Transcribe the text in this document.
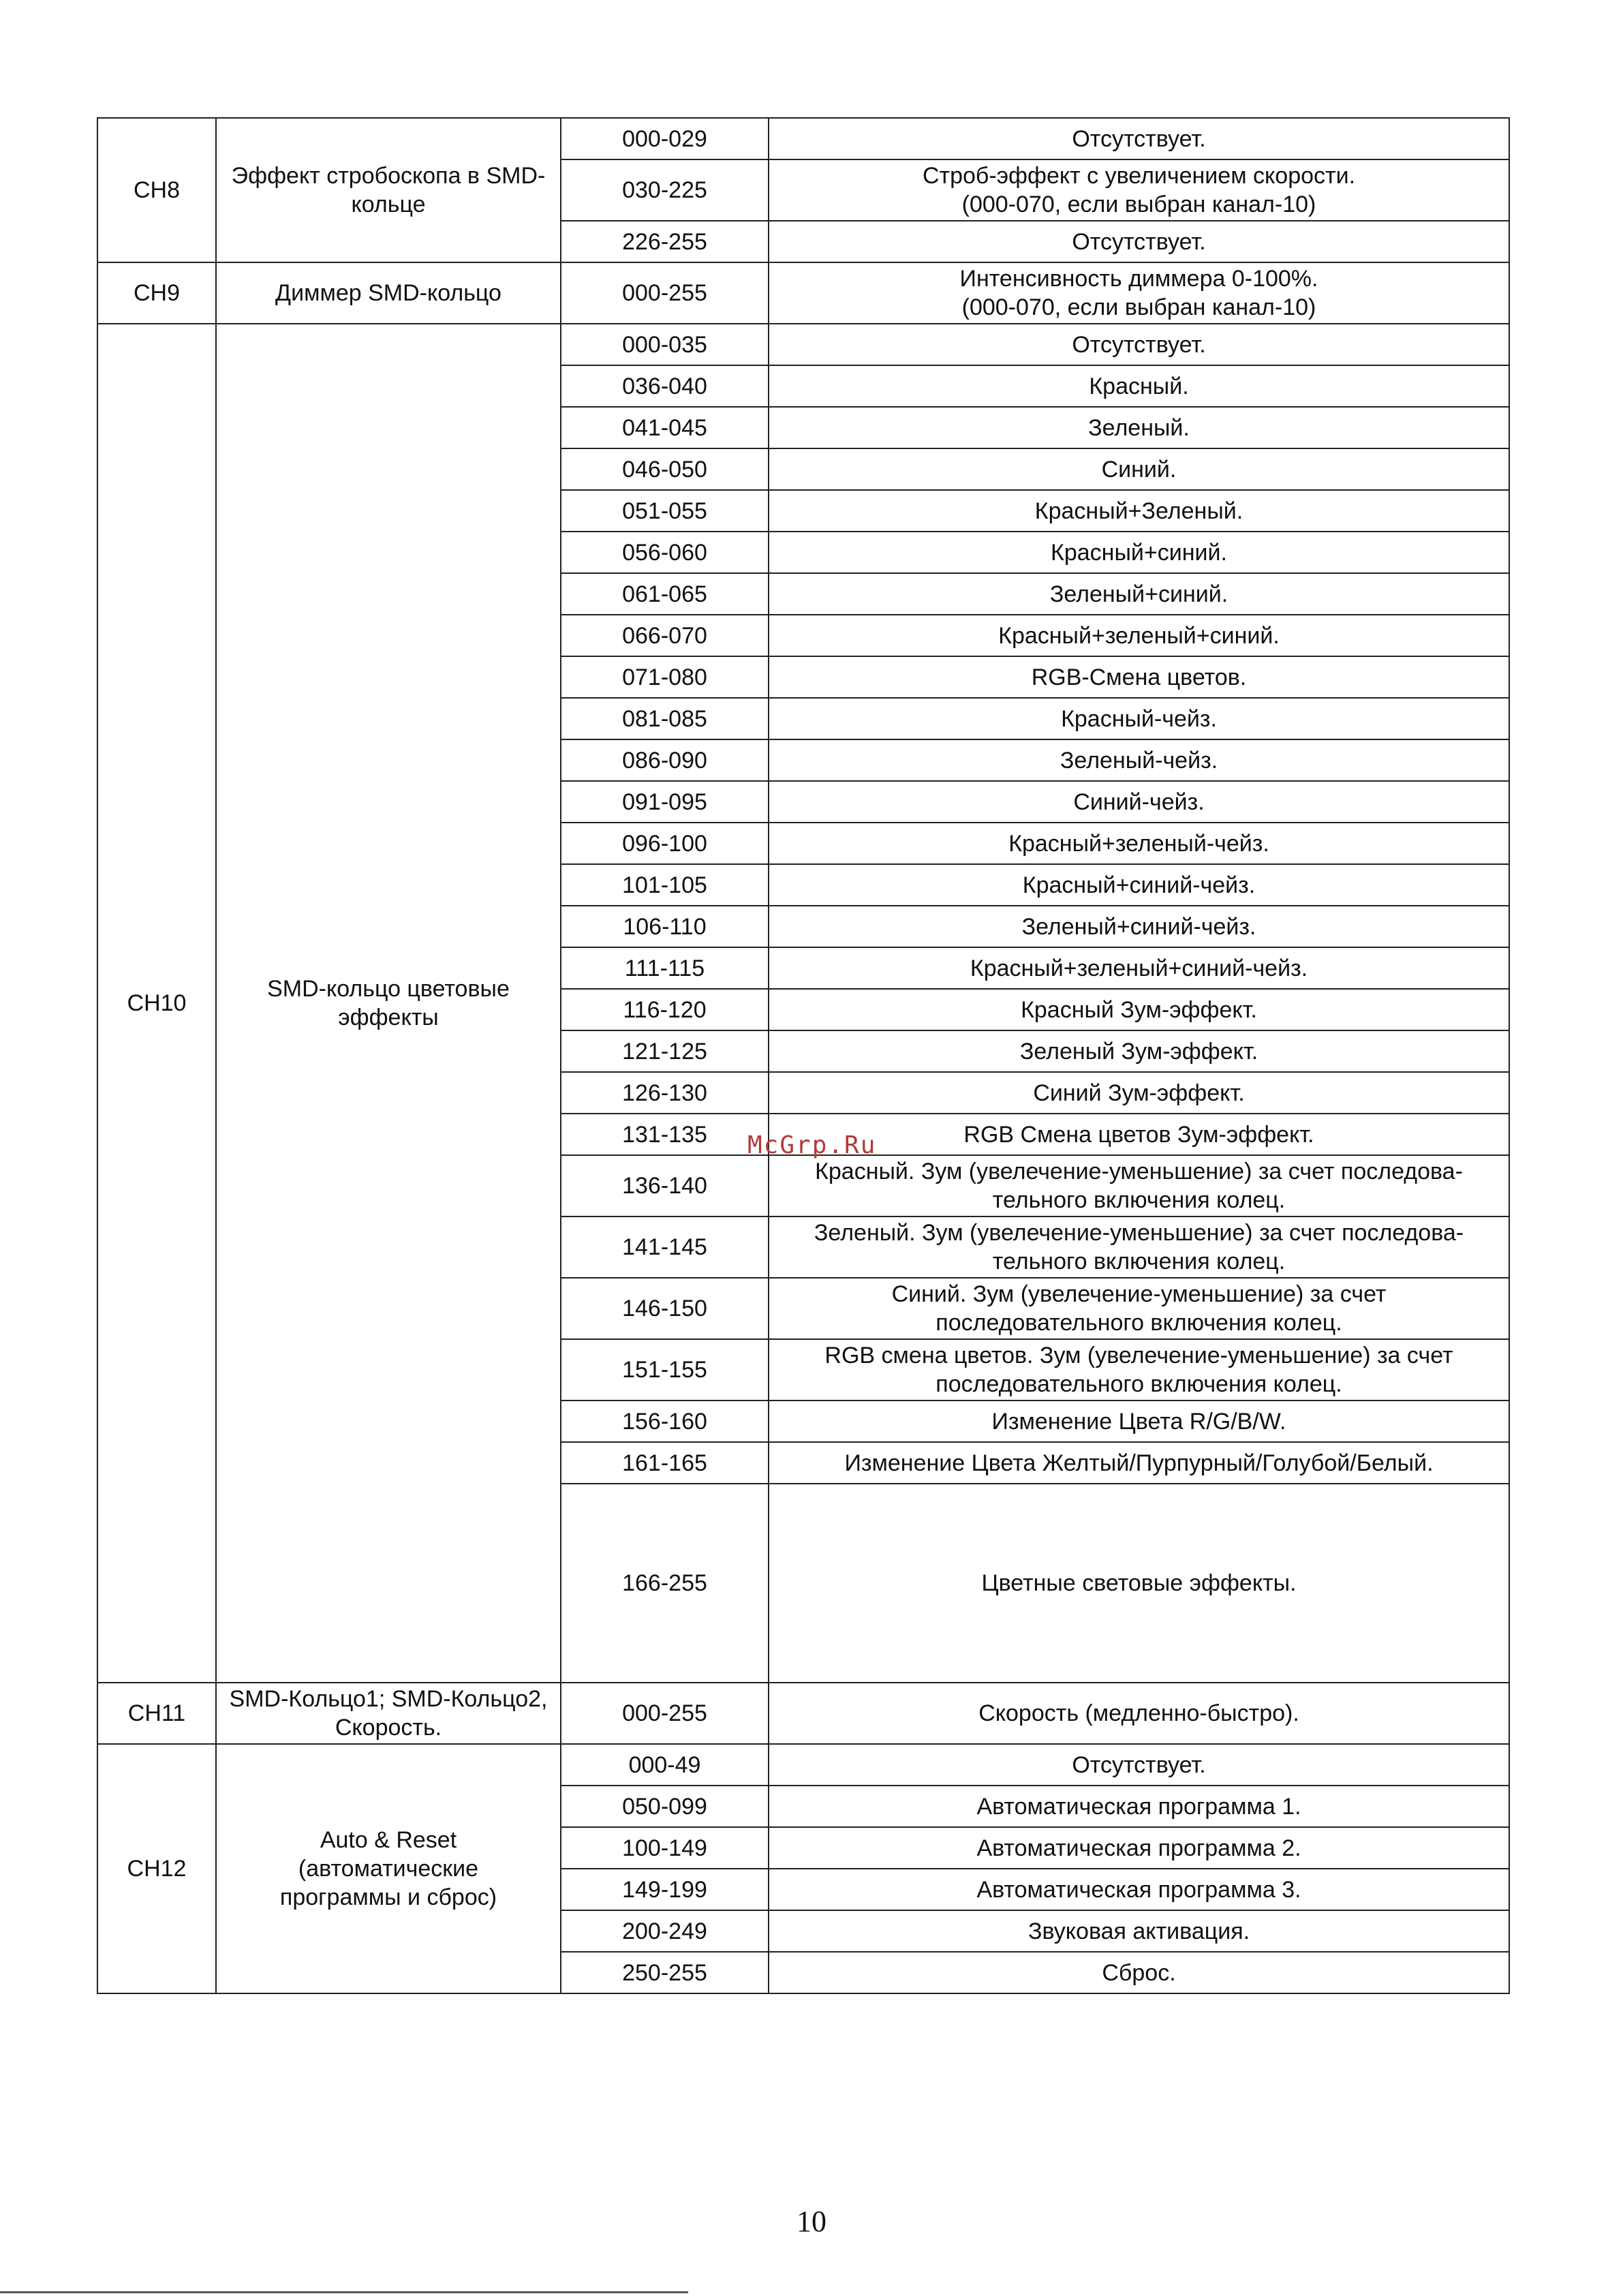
CH8	Эффект стробоскопа в SMD-кольце	000-029	Отсутствует.
		030-225	Строб-эффект с увеличением скорости.
(000-070, если выбран канал-10)
		226-255	Отсутствует.
CH9	Диммер SMD-кольцо	000-255	Интенсивность диммера 0-100%.
(000-070, если выбран канал-10)
CH10	SMD-кольцо цветовые эффекты	000-035	Отсутствует.
		036-040	Красный.
		041-045	Зеленый.
		046-050	Синий.
		051-055	Красный+Зеленый.
		056-060	Красный+синий.
		061-065	Зеленый+синий.
		066-070	Красный+зеленый+синий.
		071-080	RGB-Смена цветов.
		081-085	Красный-чейз.
		086-090	Зеленый-чейз.
		091-095	Синий-чейз.
		096-100	Красный+зеленый-чейз.
		101-105	Красный+синий-чейз.
		106-110	Зеленый+синий-чейз.
		111-115	Красный+зеленый+синий-чейз.
		116-120	Красный Зум-эффект.
		121-125	Зеленый Зум-эффект.
		126-130	Синий Зум-эффект.
		131-135	RGB Смена цветов Зум-эффект.
		136-140	Красный. Зум (увелечение-уменьшение) за счет последова-
тельного включения колец.
		141-145	Зеленый. Зум (увелечение-уменьшение) за счет последова-
тельного включения колец.
		146-150	Синий. Зум (увелечение-уменьшение) за счет
последовательного включения колец.
		151-155	RGB смена цветов. Зум (увелечение-уменьшение) за счет
последовательного включения колец.
		156-160	Изменение Цвета R/G/B/W.
		161-165	Изменение Цвета Желтый/Пурпурный/Голубой/Белый.
		166-255	Цветные световые эффекты.
CH11	SMD-Кольцо1; SMD-Кольцо2,
Скорость.	000-255	Скорость (медленно-быстро).
CH12	Auto & Reset
(автоматические
программы и сброс)	000-49	Отсутствует.
		050-099	Автоматическая программа 1.
		100-149	Автоматическая программа 2.
		149-199	Автоматическая программа 3.
		200-249	Звуковая активация.
		250-255	Сброс.
McGrp.Ru
10
